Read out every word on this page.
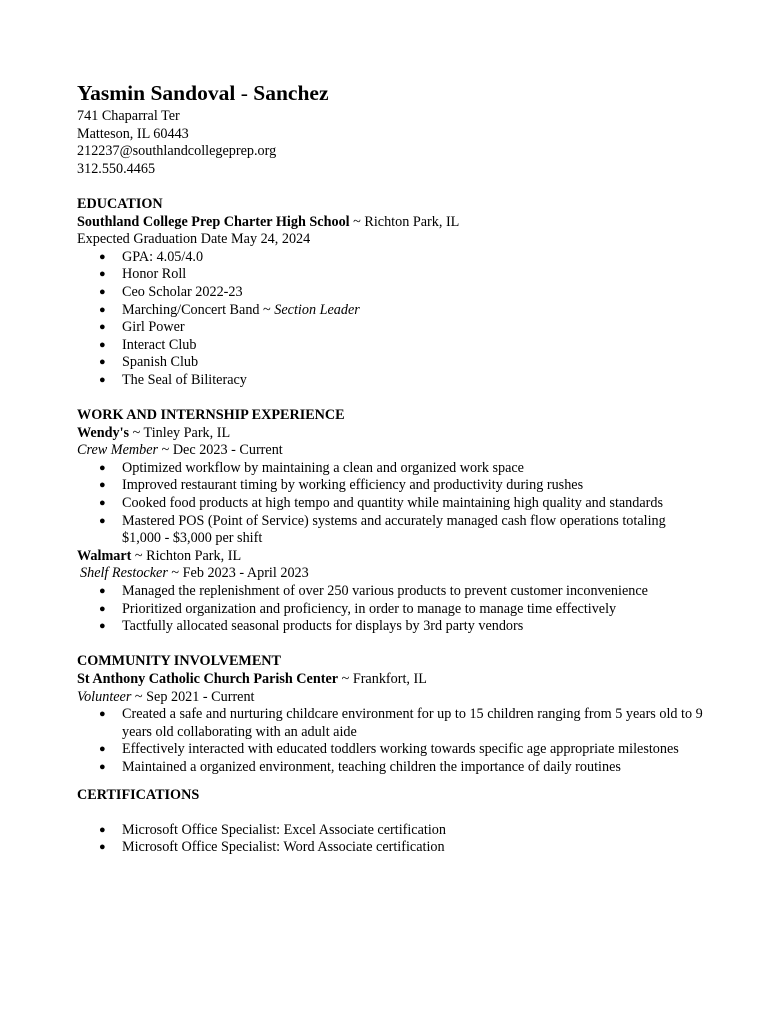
Yasmin Sandoval - Sanchez
741 Chaparral Ter
Matteson, IL 60443
212237@southlandcollegeprep.org
312.550.4465
EDUCATION
Southland College Prep Charter High School ~ Richton Park, IL
Expected Graduation Date May 24, 2024
● GPA: 4.05/4.0
● Honor Roll
● Ceo Scholar 2022-23
● Marching/Concert Band ~ Section Leader
● Girl Power
● Interact Club
● Spanish Club
● The Seal of Biliteracy
WORK AND INTERNSHIP EXPERIENCE
Wendy's ~ Tinley Park, IL
Crew Member ~ Dec 2023 - Current
● Optimized workflow by maintaining a clean and organized work space
● Improved restaurant timing by working efficiency and productivity during rushes
● Cooked food products at high tempo and quantity while maintaining high quality and standards
● Mastered POS (Point of Service) systems and accurately managed cash flow operations totaling $1,000 - $3,000 per shift
Walmart ~ Richton Park, IL
Shelf Restocker ~ Feb 2023 - April 2023
● Managed the replenishment of over 250 various products to prevent customer inconvenience
● Prioritized organization and proficiency, in order to manage to manage time effectively
● Tactfully allocated seasonal products for displays by 3rd party vendors
COMMUNITY INVOLVEMENT
St Anthony Catholic Church Parish Center ~ Frankfort, IL
Volunteer ~ Sep 2021 - Current
● Created a safe and nurturing childcare environment for up to 15 children ranging from 5 years old to 9 years old collaborating with an adult aide
● Effectively interacted with educated toddlers working towards specific age appropriate milestones
● Maintained a organized environment, teaching children the importance of daily routines
CERTIFICATIONS
● Microsoft Office Specialist: Excel Associate certification
● Microsoft Office Specialist: Word Associate certification
